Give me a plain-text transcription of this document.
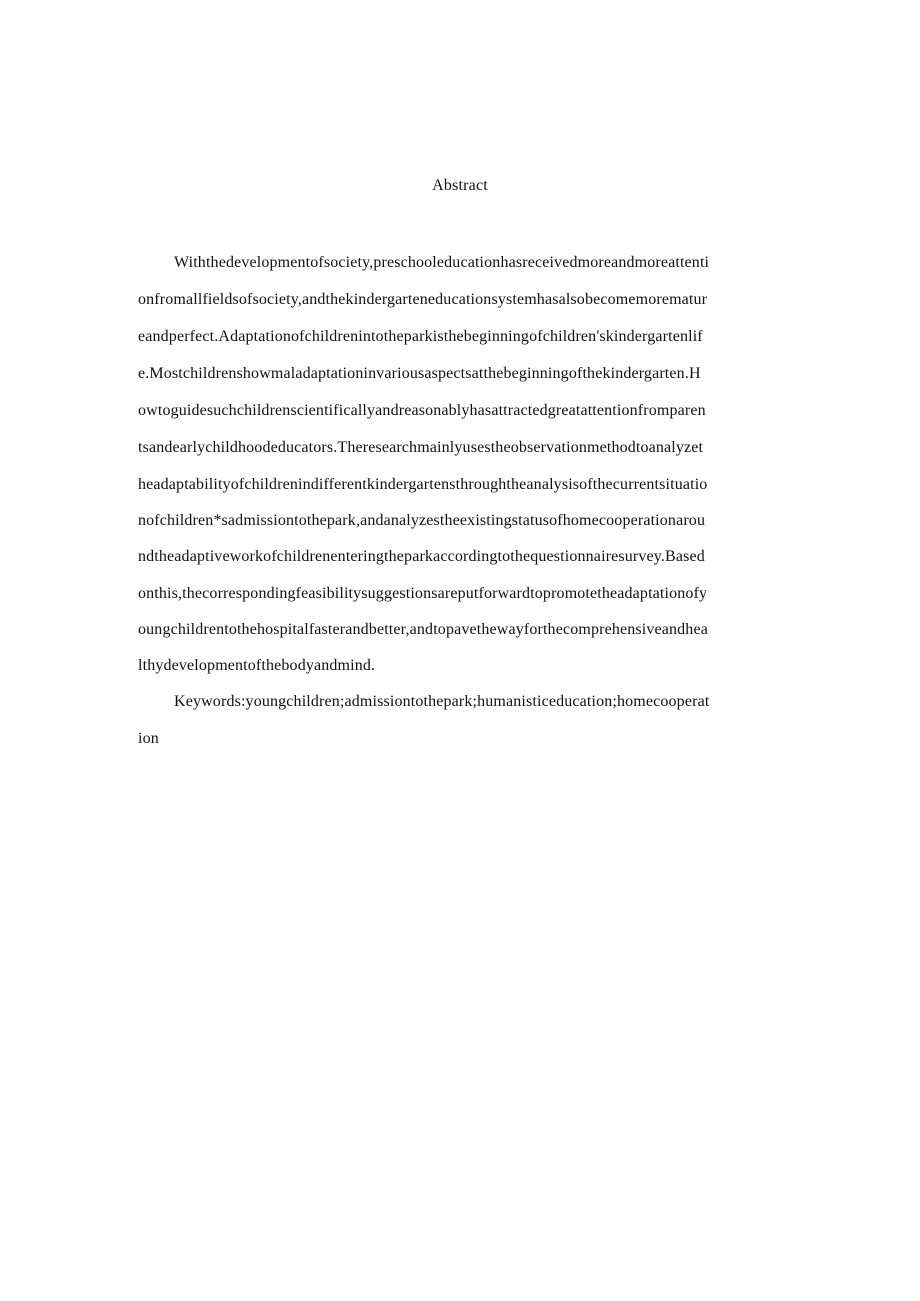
Abstract
Withthedevelopmentofsociety,preschooleducationhasreceivedmoreandmoreattenti
onfromallfieldsofsociety,andthekindergarteneducationsystemhasalsobecomemorematur
eandperfect.Adaptationofchildrenintotheparkisthebeginningofchildren'skindergartenlif
e.Mostchildrenshowmaladaptationinvariousaspectsatthebeginningofthekindergarten.H
owtoguidesuchchildrenscientificallyandreasonablyhasattractedgreatattentionfromparen
tsandearlychildhoodeducators.Theresearchmainlyusestheobservationmethodtoanalyzet
headaptabilityofchildrenindifferentkindergartensthroughtheanalysisofthecurrentsituatio
nofchildren*sadmissiontothepark,andanalyzestheexistingstatusofhomecooperationarou
ndtheadaptiveworkofchildrenenteringtheparkaccordingtothequestionnairesurvey.Based
onthis,thecorrespondingfeasibilitysuggestionsareputforwardtopromotetheadaptationofy
oungchildrentothehospitalfasterandbetter,andtopavethewayforthecomprehensiveandhea
lthydevelopmentofthebodyandmind.
Keywords:youngchildren;admissiontothepark;humanisticeducation;homecooperat
ion
